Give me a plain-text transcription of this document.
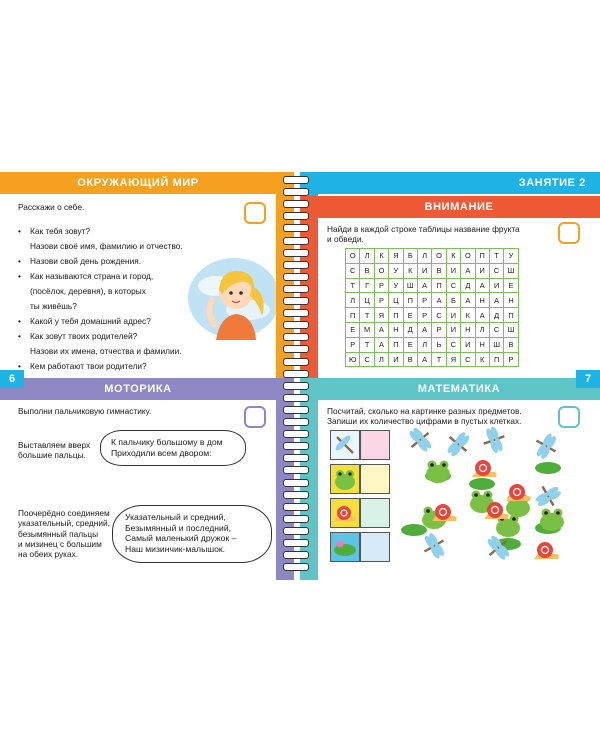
ОКРУЖАЮЩИЙ МИР	ЗАНЯТИЕ 2
ВНИМАНИЕ
МОТОРИКА	МАТЕМАТИКА
6	7
Расскажи о себе.
• Как тебя зовут?
Назови своё имя, фамилию и отчество.
• Назови свой день рождения.
• Как называются страна и город,
(посёлок, деревня), в которых
ты живёшь?
• Какой у тебя домашний адрес?
• Как зовут твоих родителей?
Назови их имена, отчества и фамилии.
• Кем работают твои родители?
Найди в каждой строке таблицы название фрукта
и обведи.
О	Л	К	Я	Б	Л	О	К	О	П	Т	У
С	В	О	У	К	И	В	И	А	И	С	Ш
Т	Г	Р	У	Ш	А	П	С	Д	А	И	Е
Л	Ц	Р	Ц	П	Р	А	Б	А	Н	А	Н
П	Т	Я	П	Е	Р	С	И	К	А	Д	П
Е	М	А	Н	Д	А	Р	И	Н	Л	С	Ш
Р	Т	А	П	Е	Л	Ь	С	И	Н	Ш	В
Ю	С	Л	И	В	А	Т	Я	С	К	П	Р
Выполни пальчиковую гимнастику.
Выставляем вверх
большие пальцы.
К пальчику большому в дом
Приходили всем двором:
Поочерёдно соединяем
указательный, средний,
безымянный пальцы
и мизинец с большим
на обеих руках.
Указательный и средний,
Безымянный и последний,
Самый маленький дружок –
Наш мизинчик-малышок.
Посчитай, сколько на картинке разных предметов.
Запиши их количество цифрами в пустых клетках.
